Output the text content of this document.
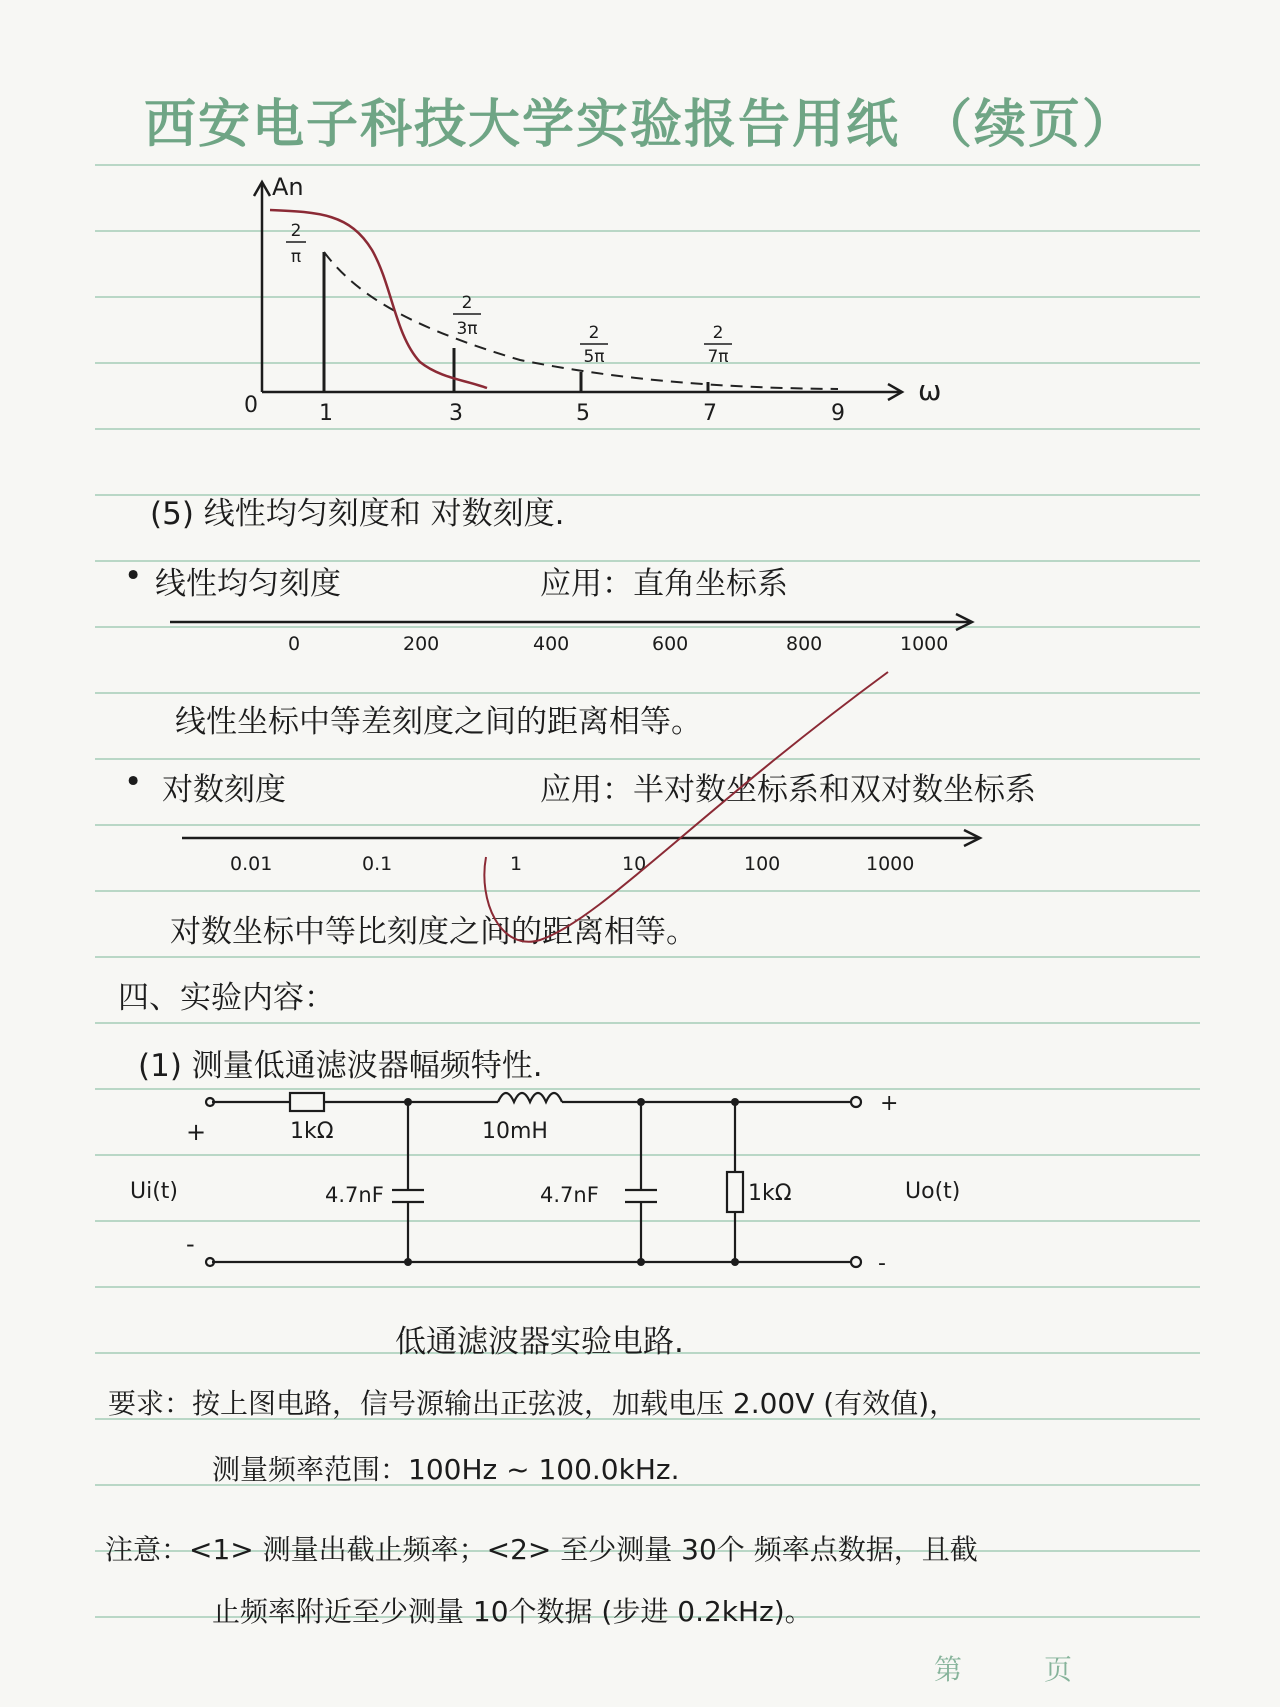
西安电子科技大学实验报告用纸 （续页）
An
ω
0	1	3	5	7	9
2
π
2
3π	2
5π
2
7π
(5) 线性均匀刻度和 对数刻度.
• 线性均匀刻度	应用：直角坐标系
0	200	400	600	800	1000
线性坐标中等差刻度之间的距离相等。
• 对数刻度	应用：半对数坐标系和双对数坐标系
0.01	0.1	1	10	100	1000
对数坐标中等比刻度之间的距离相等。
四、实验内容：
(1) 测量低通滤波器幅频特性.
1kΩ	10mH
4.7nF	4.7nF	1kΩ
Ui(t)	Uo(t)
+
-
+
-
低通滤波器实验电路.
要求：按上图电路，信号源输出正弦波，加载电压 2.00V (有效值)，
测量频率范围：100Hz ~ 100.0kHz.
注意：<1> 测量出截止频率；<2> 至少测量 30个 频率点数据，且截
止频率附近至少测量 10个数据 (步进 0.2kHz)。
第	页
